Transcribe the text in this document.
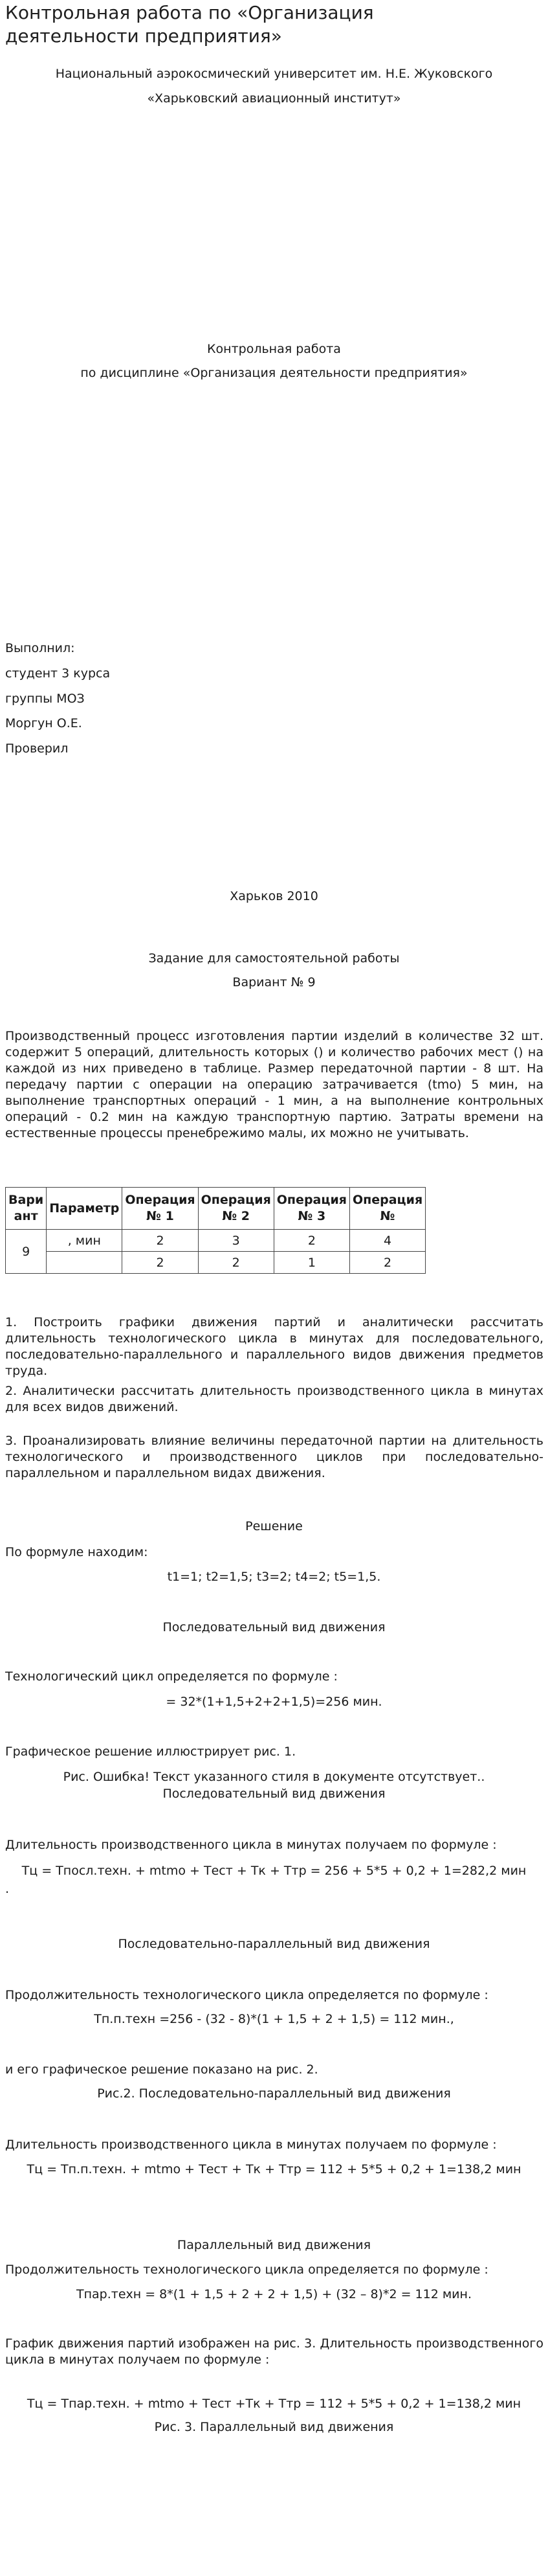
Контрольная работа по «Организация деятельности предприятия»
Национальный аэрокосмический университет им. Н.Е. Жуковского
«Харьковский авиационный институт»
Контрольная работа
по дисциплине «Организация деятельности предприятия»
Выполнил:
студент 3 курса
группы МОЗ
Моргун О.Е.
Проверил
Харьков 2010
Задание для самостоятельной работы
Вариант № 9
Производственный процесс изготовления партии изделий в количестве 32 шт. содержит 5 операций, длительность которых () и количество рабочих мест () на каждой из них приведено в таблице. Размер передаточной партии - 8 шт. На передачу партии с операции на операцию затрачивается (tmo) 5 мин, на выполнение транспортных операций - 1 мин, а на выполнение контрольных операций - 0.2 мин на каждую транспортную партию. Затраты времени на естественные процессы пренебрежимо малы, их можно не учитывать.
Вари ант	Параметр	Операция № 1	Операция № 2	Операция № 3	Операция №
9	, мин	2	3	2	4
		2	2	1	2
1. Построить графики движения партий и аналитически рассчитать длительность технологического цикла в минутах для последовательного, последовательно-параллельного и параллельного видов движения предметов труда.
2. Аналитически рассчитать длительность производственного цикла в минутах для всех видов движений.
3. Проанализировать влияние величины передаточной партии на длительность технологического и производственного циклов при последовательно-параллельном и параллельном видах движения.
Решение
По формуле находим:
t1=1; t2=1,5; t3=2; t4=2; t5=1,5.
Последовательный вид движения
Технологический цикл определяется по формуле :
= 32*(1+1,5+2+2+1,5)=256 мин.
Графическое решение иллюстрирует рис. 1.
Рис. Ошибка! Текст указанного стиля в документе отсутствует..
Последовательный вид движения
Длительность производственного цикла в минутах получаем по формуле :
Тц = Тпосл.техн. + mtmo + Тест + Тк + Ттр = 256 + 5*5 + 0,2 + 1=282,2 мин
.
Последовательно-параллельный вид движения
Продолжительность технологического цикла определяется по формуле :
Тп.п.техн =256 - (32 - 8)*(1 + 1,5 + 2 + 1,5) = 112 мин.,
и его графическое решение показано на рис. 2.
Рис.2. Последовательно-параллельный вид движения
Длительность производственного цикла в минутах получаем по формуле :
Тц = Тп.п.техн. + mtmo + Тест + Тк + Ттр = 112 + 5*5 + 0,2 + 1=138,2 мин
Параллельный вид движения
Продолжительность технологического цикла определяется по формуле :
Тпар.техн = 8*(1 + 1,5 + 2 + 2 + 1,5) + (32 – 8)*2 = 112 мин.
График движения партий изображен на рис. 3. Длительность производственного цикла в минутах получаем по формуле :
Тц = Тпар.техн. + mtmo + Тест +Тк + Ттр = 112 + 5*5 + 0,2 + 1=138,2 мин
Рис. 3. Параллельный вид движения
